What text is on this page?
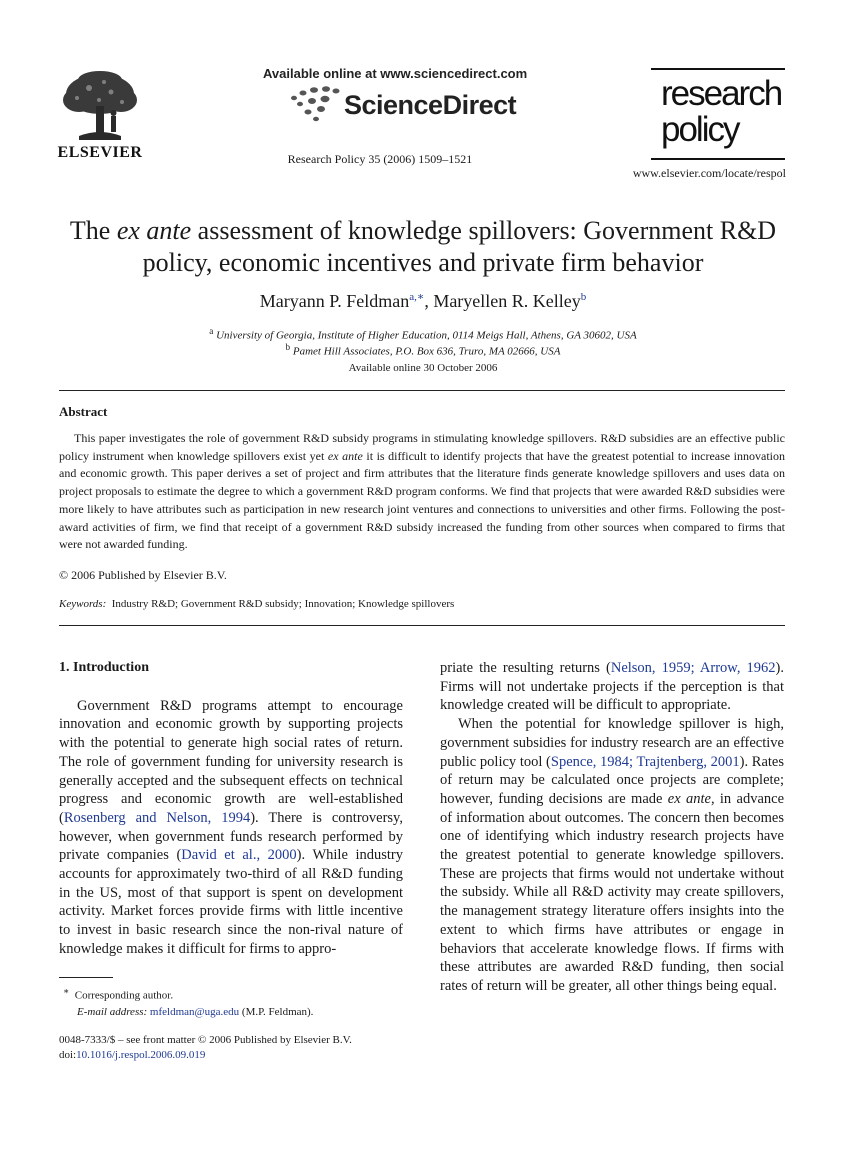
ELSEVIER
Available online at www.sciencedirect.com
ScienceDirect
Research Policy 35 (2006) 1509–1521
research
policy
www.elsevier.com/locate/respol
The ex ante assessment of knowledge spillovers: Government R&D policy, economic incentives and private firm behavior
Maryann P. Feldman$^{a,∗}$, Maryellen R. Kelley$^b$
$^a$ University of Georgia, Institute of Higher Education, 0114 Meigs Hall, Athens, GA 30602, USA
$^b$ Pamet Hill Associates, P.O. Box 636, Truro, MA 02666, USA
Available online 30 October 2006
Abstract
This paper investigates the role of government R&D subsidy programs in stimulating knowledge spillovers. R&D subsidies are an effective public policy instrument when knowledge spillovers exist yet ex ante it is difficult to identify projects that have the greatest potential to increase innovation and economic growth. This paper derives a set of project and firm attributes that the literature finds generate knowledge spillovers and uses data on project proposals to estimate the degree to which a government R&D program conforms. We find that projects that were awarded R&D subsidies were more likely to have attributes such as participation in new research joint ventures and connections to universities and other firms. Following the post-award activities of firm, we find that receipt of a government R&D subsidy increased the funding from other sources when compared to firms that were not awarded funding.
© 2006 Published by Elsevier B.V.
Keywords: Industry R&D; Government R&D subsidy; Innovation; Knowledge spillovers
1. Introduction

Government R&D programs attempt to encourage innovation and economic growth by supporting projects with the potential to generate high social rates of return. The role of government funding for university research is generally accepted and the subsequent effects on technical progress and economic growth are well-established (Rosenberg and Nelson, 1994). There is controversy, however, when government funds research performed by private companies (David et al., 2000). While industry accounts for approximately two-third of all R&D funding in the US, most of that support is spent on development activity. Market forces provide firms with little incentive to invest in basic research since the non-rival nature of knowledge makes it difficult for firms to appro-

priate the resulting returns (Nelson, 1959; Arrow, 1962). Firms will not undertake projects if the perception is that knowledge created will be difficult to appropriate.

When the potential for knowledge spillover is high, government subsidies for industry research are an effective public policy tool (Spence, 1984; Trajtenberg, 2001). Rates of return may be calculated once projects are complete; however, funding decisions are made ex ante, in advance of information about outcomes. The concern then becomes one of identifying which industry research projects have the greatest potential to generate knowledge spillovers. These are projects that firms would not undertake without the subsidy. While all R&D activity may create spillovers, the management strategy literature offers insights into the extent to which firms have attributes or engage in behaviors that accelerate knowledge flows. If firms with these attributes are awarded R&D funding, then social rates of return will be greater, all other things being equal.

∗ Corresponding author.
E-mail address: mfeldman@uga.edu (M.P. Feldman).
0048-7333/$ – see front matter © 2006 Published by Elsevier B.V.
doi:10.1016/j.respol.2006.09.019
